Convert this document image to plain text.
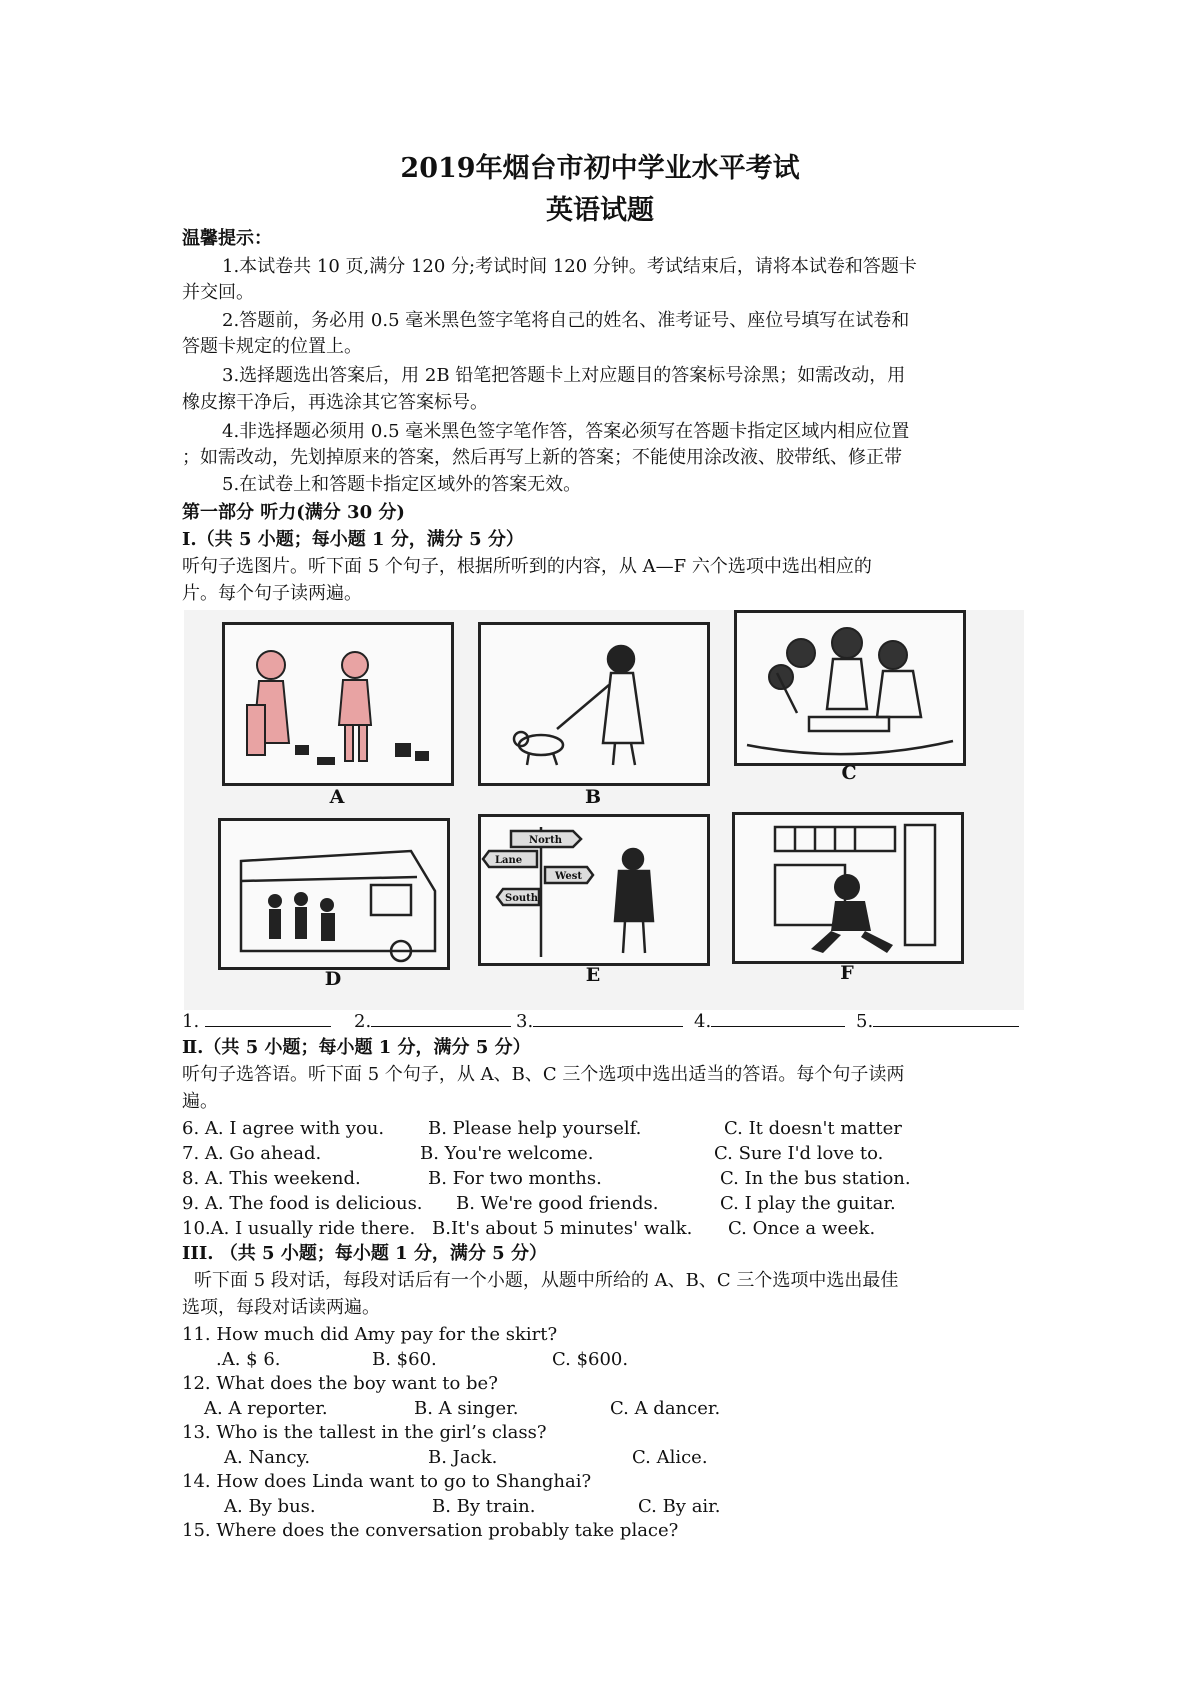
2019年烟台市初中学业水平考试
英语试题
温馨提示：
1.本试卷共 10 页,满分 120 分;考试时间 120 分钟。考试结束后，请将本试卷和答题卡
并交回。
2.答题前，务必用 0.5 毫米黑色签字笔将自己的姓名、准考证号、座位号填写在试卷和
答题卡规定的位置上。
3.选择题选出答案后，用 2B 铅笔把答题卡上对应题目的答案标号涂黑；如需改动，用
橡皮擦干净后，再选涂其它答案标号。
4.非选择题必须用 0.5 毫米黑色签字笔作答，答案必须写在答题卡指定区域内相应位置
；如需改动，先划掉原来的答案，然后再写上新的答案；不能使用涂改液、胶带纸、修正带
5.在试卷上和答题卡指定区域外的答案无效。
第一部分 听力(满分 30 分)
Ⅰ.（共 5 小题；每小题 1 分，满分 5 分）
听句子选图片。听下面 5 个句子，根据所听到的内容，从 A—F 六个选项中选出相应的
片。每个句子读两遍。
A	B
C
D
North
Lane
West
South
E	F
1.	2.	3.	4.	5.
Ⅱ.（共 5 小题；每小题 1 分，满分 5 分）
听句子选答语。听下面 5 个句子，从 A、B、C 三个选项中选出适当的答语。每个句子读两
遍。
6. A. I agree with you. B. Please help yourself.	C. It doesn't matter
7. A. Go ahead.	B. You're welcome.	C. Sure I'd love to.
8. A. This weekend.	B. For two months.	C. In the bus station.
9. A. The food is delicious. B. We're good friends.	C. I play the guitar.
10.A. I usually ride there. B.It's about 5 minutes' walk. C. Once a week.
III. （共 5 小题；每小题 1 分，满分 5 分）
听下面 5 段对话，每段对话后有一个小题，从题中所给的 A、B、C 三个选项中选出最佳
选项，每段对话读两遍。
11. How much did Amy pay for the skirt?
.A. $ 6.	B. $60.	C. $600.
12. What does the boy want to be?
A. A reporter.	B. A singer.	C. A dancer.
13. Who is the tallest in the girl’s class?
A. Nancy.	B. Jack.	C. Alice.
14. How does Linda want to go to Shanghai?
A. By bus.	B. By train.	C. By air.
15. Where does the conversation probably take place?
